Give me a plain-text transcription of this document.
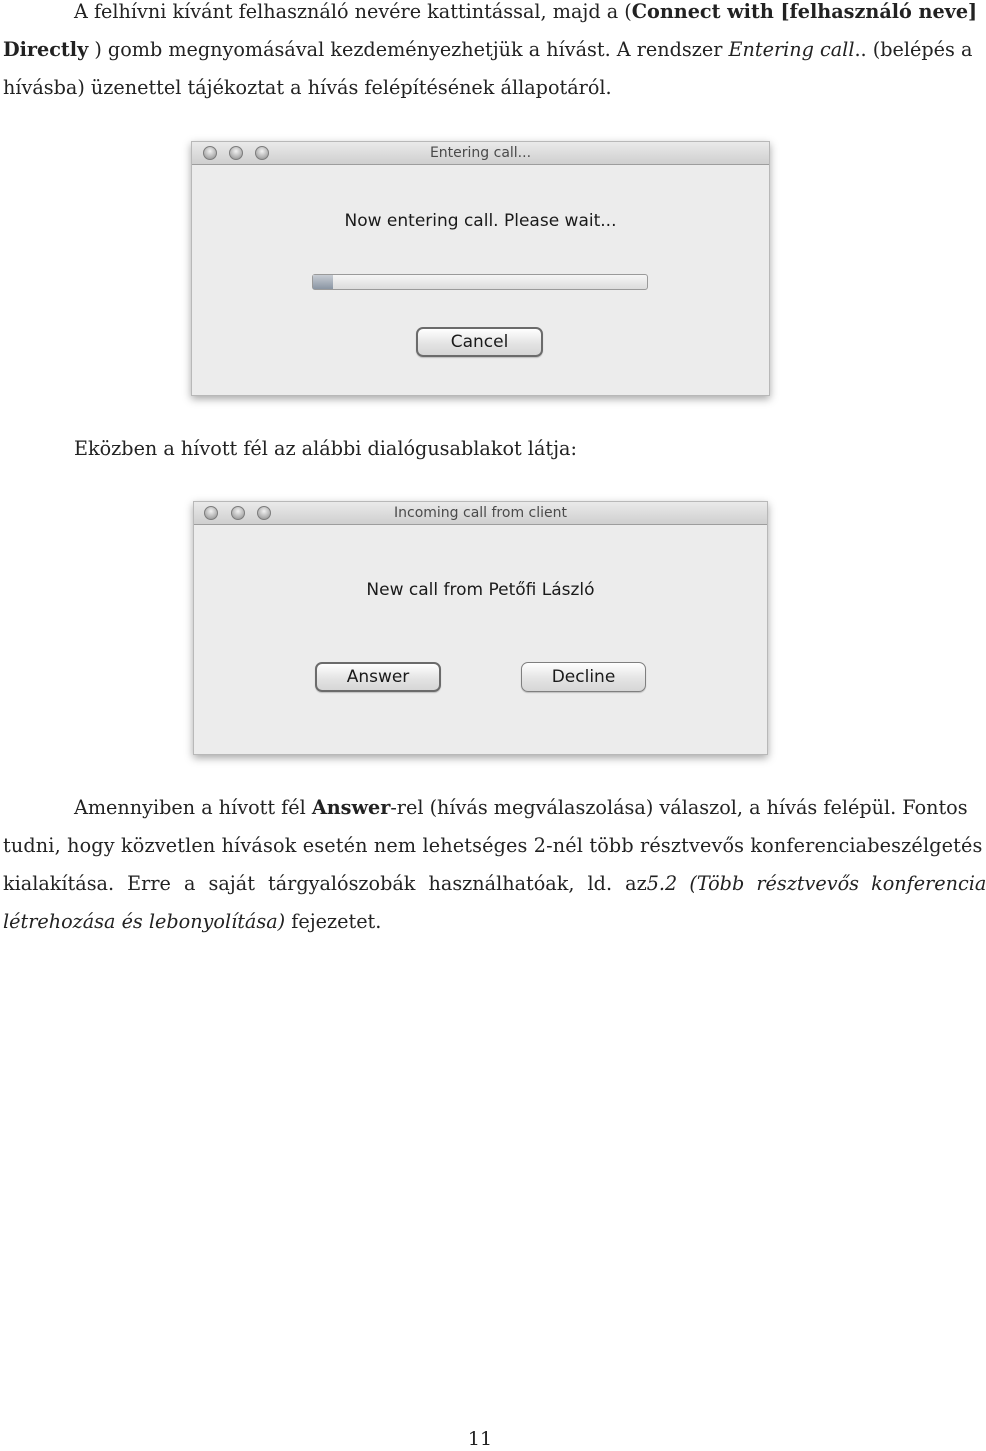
A felhívni kívánt felhasználó nevére kattintással, majd a (Connect with [felhasználó neve]
Directly ) gomb megnyomásával kezdeményezhetjük a hívást. A rendszer Entering call.. (belépés a
hívásba) üzenettel tájékoztat a hívás felépítésének állapotáról.
Entering call...
Now entering call. Please wait...
Cancel
Eközben a hívott fél az alábbi dialógusablakot látja:
Incoming call from client
New call from Petőfi László
Answer	Decline
Amennyiben a hívott fél Answer-rel (hívás megválaszolása) válaszol, a hívás felépül. Fontos
tudni, hogy közvetlen hívások esetén nem lehetséges 2-nél több résztvevős konferenciabeszélgetés
kialakítása. Erre a saját tárgyalószobák használhatóak, ld. az 5.2 (Több résztvevős konferencia
létrehozása és lebonyolítása) fejezetet.
11
